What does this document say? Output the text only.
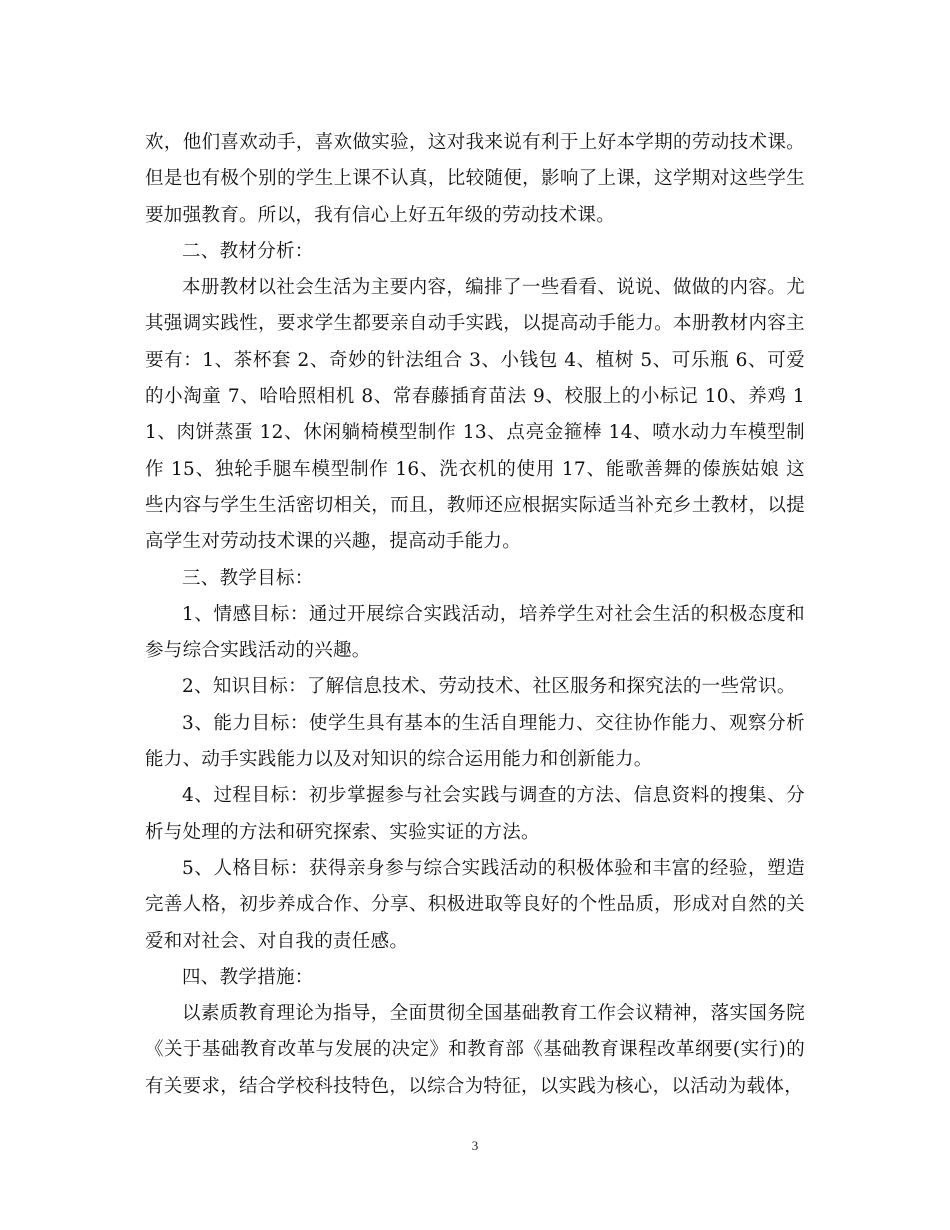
欢，他们喜欢动手，喜欢做实验，这对我来说有利于上好本学期的劳动技术课。但是也有极个别的学生上课不认真，比较随便，影响了上课，这学期对这些学生要加强教育。所以，我有信心上好五年级的劳动技术课。

二、教材分析：

本册教材以社会生活为主要内容，编排了一些看看、说说、做做的内容。尤其强调实践性，要求学生都要亲自动手实践，以提高动手能力。本册教材内容主要有：1、茶杯套 2、奇妙的针法组合 3、小钱包 4、植树 5、可乐瓶 6、可爱的小淘童 7、哈哈照相机 8、常春藤插育苗法 9、校服上的小标记 10、养鸡 11、肉饼蒸蛋 12、休闲躺椅模型制作 13、点亮金箍棒 14、喷水动力车模型制作 15、独轮手腿车模型制作 16、洗衣机的使用 17、能歌善舞的傣族姑娘 这些内容与学生生活密切相关，而且，教师还应根据实际适当补充乡土教材，以提高学生对劳动技术课的兴趣，提高动手能力。

三、教学目标：

1、情感目标：通过开展综合实践活动，培养学生对社会生活的积极态度和参与综合实践活动的兴趣。

2、知识目标：了解信息技术、劳动技术、社区服务和探究法的一些常识。

3、能力目标：使学生具有基本的生活自理能力、交往协作能力、观察分析能力、动手实践能力以及对知识的综合运用能力和创新能力。

4、过程目标：初步掌握参与社会实践与调查的方法、信息资料的搜集、分析与处理的方法和研究探索、实验实证的方法。

5、人格目标：获得亲身参与综合实践活动的积极体验和丰富的经验，塑造完善人格，初步养成合作、分享、积极进取等良好的个性品质，形成对自然的关爱和对社会、对自我的责任感。

四、教学措施：

以素质教育理论为指导，全面贯彻全国基础教育工作会议精神，落实国务院《关于基础教育改革与发展的决定》和教育部《基础教育课程改革纲要(实行)的有关要求，结合学校科技特色，以综合为特征，以实践为核心，以活动为载体，

3
